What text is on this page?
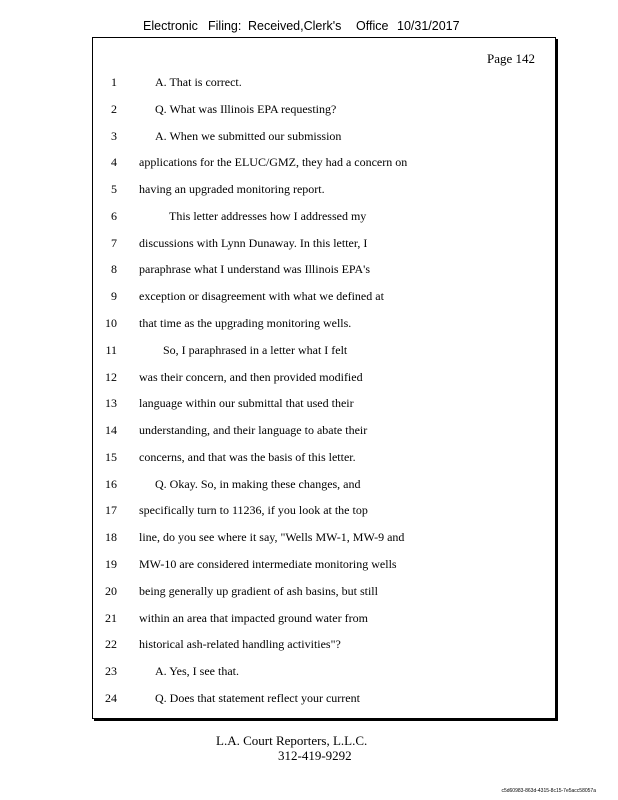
Electronic Filing: Received,Clerk's Office 10/31/2017
Page 142
1	A. That is correct.
2	Q. What was Illinois EPA requesting?
3	A. When we submitted our submission
4 applications for the ELUC/GMZ, they had a concern on
5 having an upgraded monitoring report.
6	This letter addresses how I addressed my
7 discussions with Lynn Dunaway. In this letter, I
8 paraphrase what I understand was Illinois EPA's
9 exception or disagreement with what we defined at
10 that time as the upgrading monitoring wells.
11	So, I paraphrased in a letter what I felt
12 was their concern, and then provided modified
13 language within our submittal that used their
14 understanding, and their language to abate their
15 concerns, and that was the basis of this letter.
16	Q. Okay. So, in making these changes, and
17 specifically turn to 11236, if you look at the top
18 line, do you see where it say, "Wells MW-1, MW-9 and
19 MW-10 are considered intermediate monitoring wells
20 being generally up gradient of ash basins, but still
21 within an area that impacted ground water from
22 historical ash-related handling activities"?
23	A. Yes, I see that.
24	Q. Does that statement reflect your current
L.A. Court Reporters, L.L.C.
312-419-9292
c5d60983-863d-4315-8c15-7e5acc58057a
